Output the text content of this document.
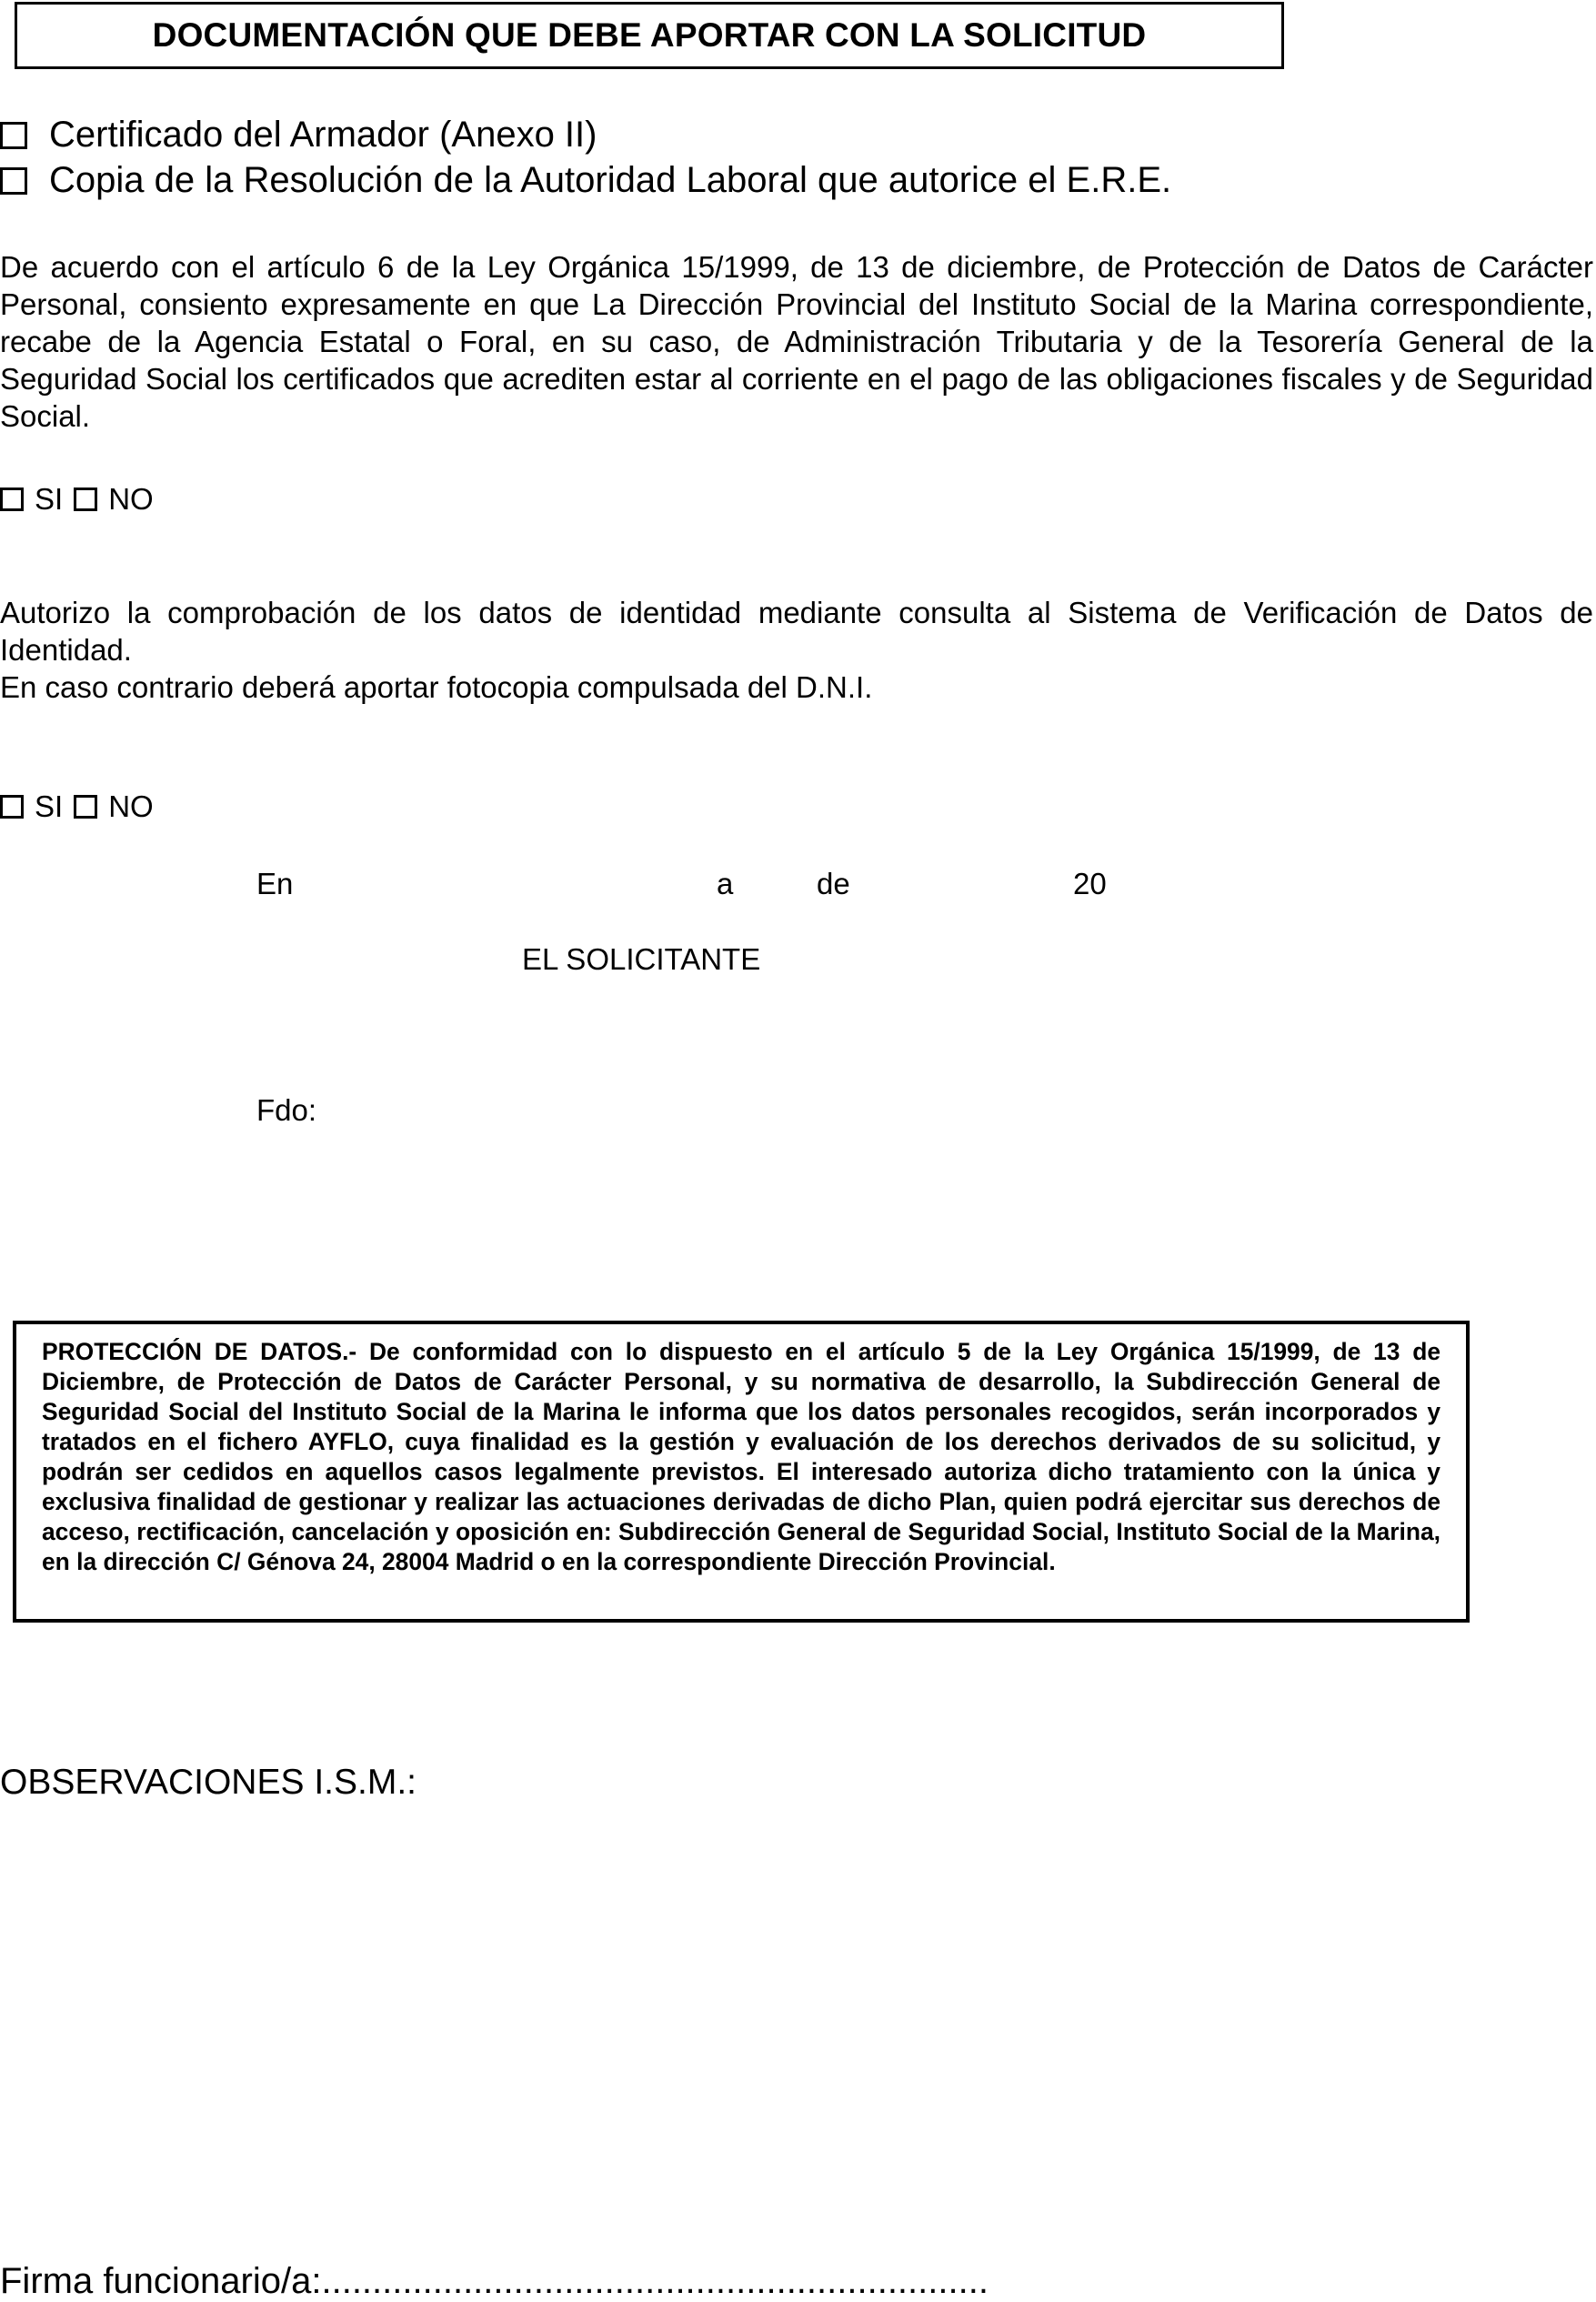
DOCUMENTACIÓN QUE DEBE APORTAR CON LA SOLICITUD
Certificado del Armador (Anexo II)
Copia de la Resolución de la Autoridad Laboral que autorice el E.R.E.
De acuerdo con el artículo 6 de la Ley Orgánica 15/1999, de 13 de diciembre, de Protección de Datos de Carácter Personal, consiento expresamente en que La Dirección Provincial del Instituto Social de la Marina correspondiente, recabe de la Agencia Estatal o Foral, en su caso, de Administración Tributaria y de la Tesorería General de la Seguridad Social los certificados que acrediten estar al corriente en el pago de las obligaciones fiscales y de Seguridad Social.
SI NO
Autorizo la comprobación de los datos de identidad mediante consulta al Sistema de Verificación de Datos de Identidad.
En caso contrario deberá aportar fotocopia compulsada del D.N.I.
SI NO
En	a	de	20
EL SOLICITANTE
Fdo:

PROTECCIÓN DE DATOS.- De conformidad con lo dispuesto en el artículo 5 de la Ley Orgánica 15/1999, de 13 de Diciembre, de Protección de Datos de Carácter Personal, y su normativa de desarrollo, la Subdirección General de Seguridad Social del Instituto Social de la Marina le informa que los datos personales recogidos, serán incorporados y tratados en el fichero AYFLO, cuya finalidad es la gestión y evaluación de los derechos derivados de su solicitud, y podrán ser cedidos en aquellos casos legalmente previstos. El interesado autoriza dicho tratamiento con la única y exclusiva finalidad de gestionar y realizar las actuaciones derivadas de dicho Plan, quien podrá ejercitar sus derechos de acceso, rectificación, cancelación y oposición en: Subdirección General de Seguridad Social, Instituto Social de la Marina, en la dirección C/ Génova 24, 28004 Madrid o en la correspondiente Dirección Provincial.

OBSERVACIONES I.S.M.:
Firma funcionario/a:..................................................................
